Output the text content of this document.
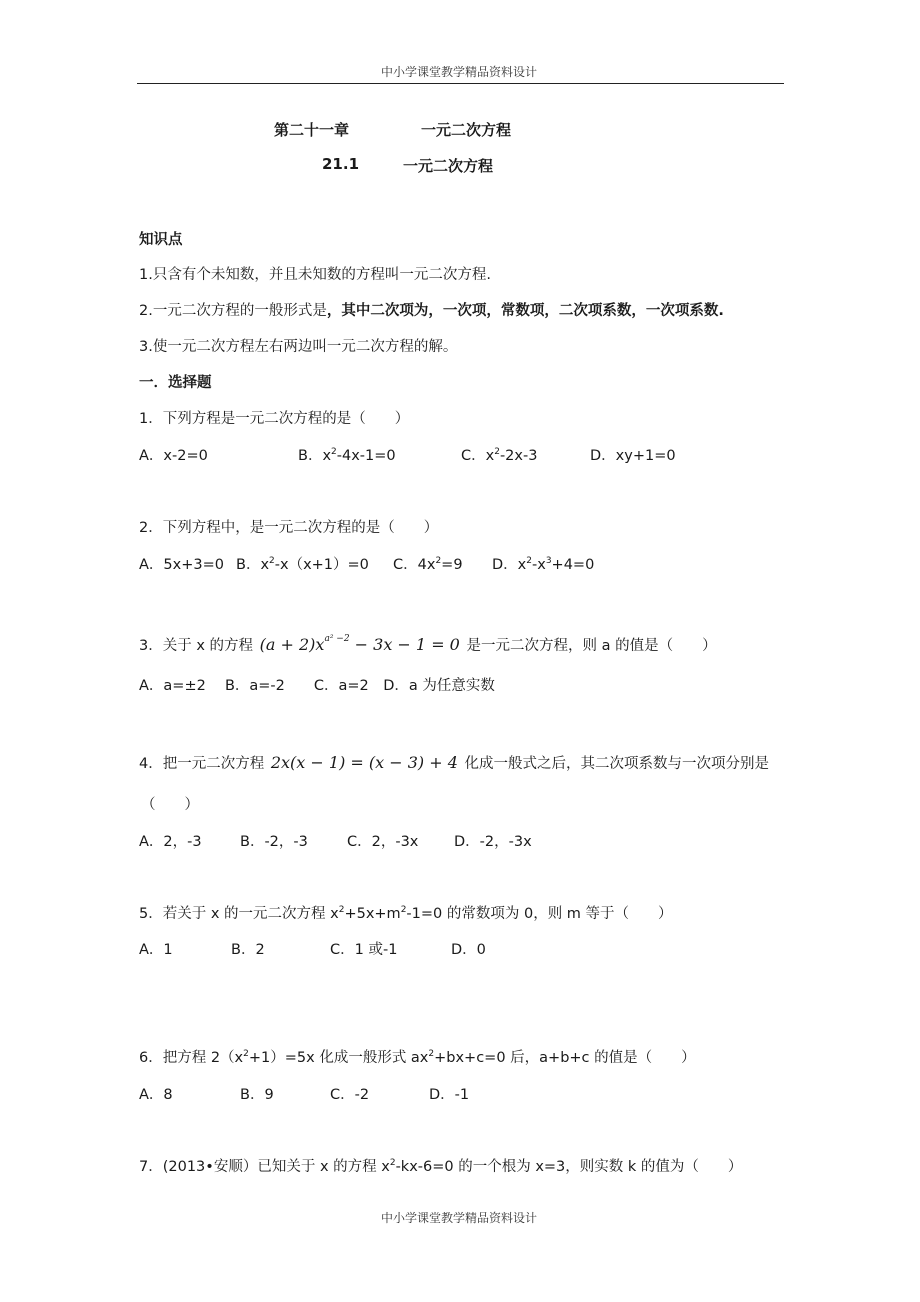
中小学课堂教学精品资料设计
第二十一章	一元二次方程
21.1	一元二次方程
知识点
1.只含有个未知数，并且未知数的方程叫一元二次方程.
2.一元二次方程的一般形式是，其中二次项为，一次项，常数项，二次项系数，一次项系数.
3.使一元二次方程左右两边叫一元二次方程的解。
一．选择题
1．下列方程是一元二次方程的是（　　）
A．x-2=0	B．$x^2-4x-1=0$	C．$x^2-2x-3$	D．xy+1=0
2．下列方程中，是一元二次方程的是（　　）
A．5x+3=0 B．$x^2-x(x+1)=0$ C．$4x^2=9$ D．$x^2-x^3+4=0$
3．关于 x 的方程 $(a + 2)x^{a^2 -2} - 3x - 1 = 0$ 是一元二次方程，则 a 的值是（　　）
A．a=±2　 B．a=-2　　C．a=2　D．a 为任意实数
4．把一元二次方程 2x(x − 1) = (x − 3) + 4 化成一般式之后，其二次项系数与一次项分别是
（　　）
A．2，-3	B．-2，-3	C．2，-3x D．-2，-3x
5．若关于 x 的一元二次方程 $x^2+5x+m^2-1=0$ 的常数项为 0，则 m 等于（　　）
A．1	B．2	C．1 或-1	D．0
6．把方程 $2(x^2+1)=5x$ 化成一般形式 $ax^2+bx+c=0$ 后，a+b+c 的值是（　　）
A．8	B．9	C．-2	D．-1
7．(2013•安顺）已知关于 x 的方程 $x^2-kx-6=0$ 的一个根为 x=3，则实数 k 的值为（　　）
中小学课堂教学精品资料设计
